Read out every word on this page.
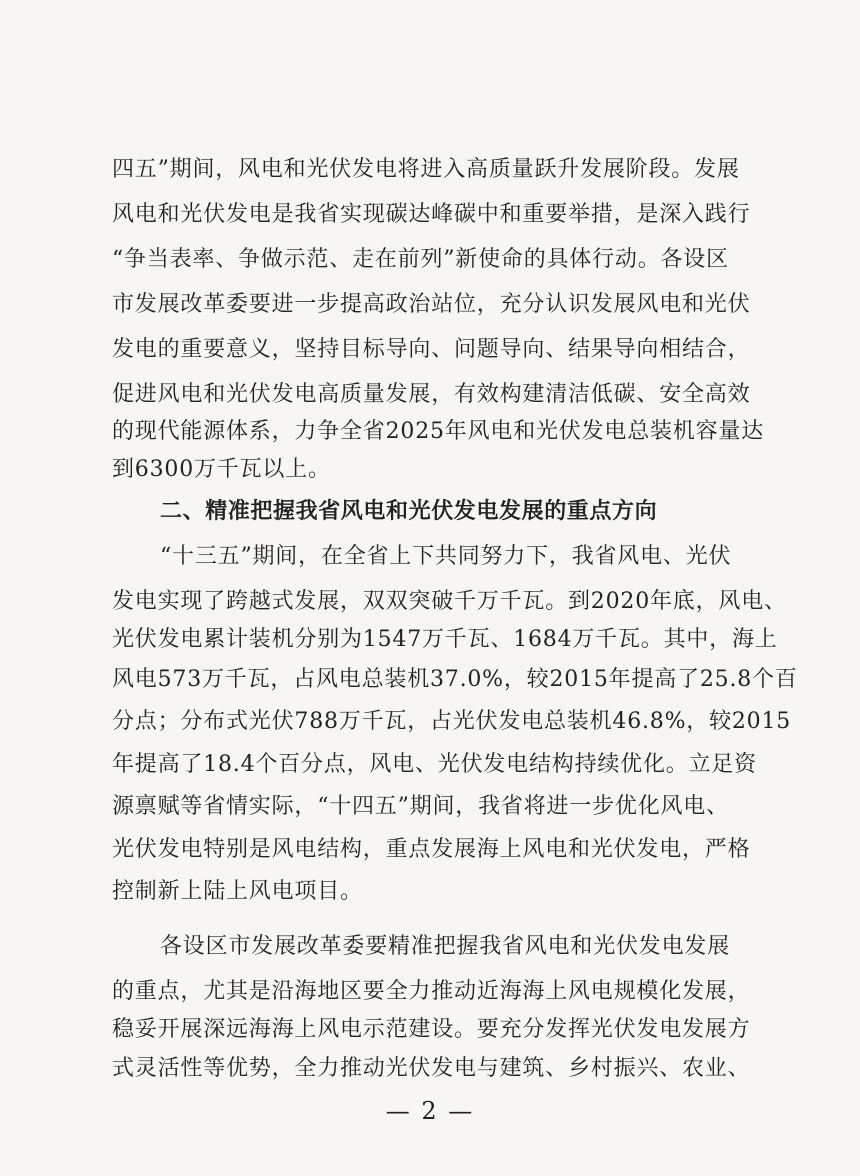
四五”期间，风电和光伏发电将进入高质量跃升发展阶段。发展
风电和光伏发电是我省实现碳达峰碳中和重要举措，是深入践行
“争当表率、争做示范、走在前列”新使命的具体行动。各设区
市发展改革委要进一步提高政治站位，充分认识发展风电和光伏
发电的重要意义，坚持目标导向、问题导向、结果导向相结合，
促进风电和光伏发电高质量发展，有效构建清洁低碳、安全高效
的现代能源体系，力争全省2025年风电和光伏发电总装机容量达
到6300万千瓦以上。
二、精准把握我省风电和光伏发电发展的重点方向
“十三五”期间，在全省上下共同努力下，我省风电、光伏
发电实现了跨越式发展，双双突破千万千瓦。到2020年底，风电、
光伏发电累计装机分别为1547万千瓦、1684万千瓦。其中，海上
风电573万千瓦，占风电总装机37.0%，较2015年提高了25.8个百
分点；分布式光伏788万千瓦，占光伏发电总装机46.8%，较2015
年提高了18.4个百分点，风电、光伏发电结构持续优化。立足资
源禀赋等省情实际，“十四五”期间，我省将进一步优化风电、
光伏发电特别是风电结构，重点发展海上风电和光伏发电，严格
控制新上陆上风电项目。
各设区市发展改革委要精准把握我省风电和光伏发电发展
的重点，尤其是沿海地区要全力推动近海海上风电规模化发展，
稳妥开展深远海海上风电示范建设。要充分发挥光伏发电发展方
式灵活性等优势，全力推动光伏发电与建筑、乡村振兴、农业、
— 2 —
